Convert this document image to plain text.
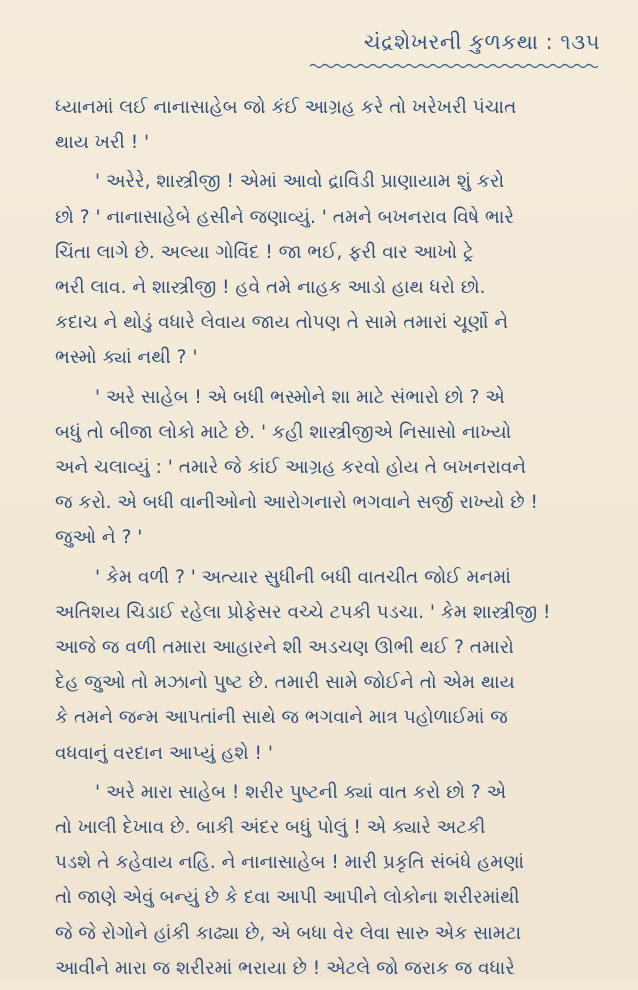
ચંદ્રશેખરની કુળકથા : ૧૩૫
ધ્યાનમાં લઈ નાનાસાહેબ જો કંઈ આગ્રહ કરે તો ખરેખરી પંચાત
થાય ખરી ! '
' અરેરે, શાસ્ત્રીજી ! એમાં આવો દ્રાવિડી પ્રાણાયામ શું કરો
છો ? ' નાનાસાહેબે હસીને જણાવ્યું. ' તમને બખનરાવ વિષે ભારે
ચિંતા લાગે છે. અલ્યા ગોવિંદ ! જા ભઈ, ફરી વાર આખો ટ્રે
ભરી લાવ. ને શાસ્ત્રીજી ! હવે તમે નાહક આડો હાથ ધરો છો.
કદાચ ને થોડું વધારે લેવાય જાય તોપણ તે સામે તમારાં ચૂર્ણો ને
ભસ્મો ક્યાં નથી ? '
' અરે સાહેબ ! એ બધી ભસ્મોને શા માટે સંભારો છો ? એ
બધું તો બીજા લોકો માટે છે. ' કહી શાસ્ત્રીજીએ નિસાસો નાખ્યો
અને ચલાવ્યું : ' તમારે જે કાંઈ આગ્રહ કરવો હોય તે બખનરાવને
જ કરો. એ બધી વાનીઓનો આરોગનારો ભગવાને સર્જી રાખ્યો છે !
જુઓ ને ? '
' કેમ વળી ? ' અત્યાર સુધીની બધી વાતચીત જોઈ મનમાં
અતિશય ચિડાઈ રહેલા પ્રોફેસર વચ્ચે ટપકી પડચા. ' કેમ શાસ્ત્રીજી !
આજે જ વળી તમારા આહારને શી અડચણ ઊભી થઈ ? તમારો
દેહ જુઓ તો મઝાનો પુષ્ટ છે. તમારી સામે જોઈને તો એમ થાય
કે તમને જન્મ આપતાંની સાથે જ ભગવાને માત્ર પહોળાઈમાં જ
વધવાનું વરદાન આપ્યું હશે ! '
' અરે મારા સાહેબ ! શરીર પુષ્ટની ક્યાં વાત કરો છો ? એ
તો ખાલી દેખાવ છે. બાકી અંદર બધું પોલું ! એ ક્યારે અટકી
પડશે તે કહેવાય નહિ. ને નાનાસાહેબ ! મારી પ્રકૃતિ સંબંધે હમણાં
તો જાણે એવું બન્યું છે કે દવા આપી આપીને લોકોના શરીરમાંથી
જે જે રોગોને હાંકી કાઢ્યા છે, એ બધા વેર લેવા સારુ એક સામટા
આવીને મારા જ શરીરમાં ભરાયા છે ! એટલે જો જરાક જ વધારે
